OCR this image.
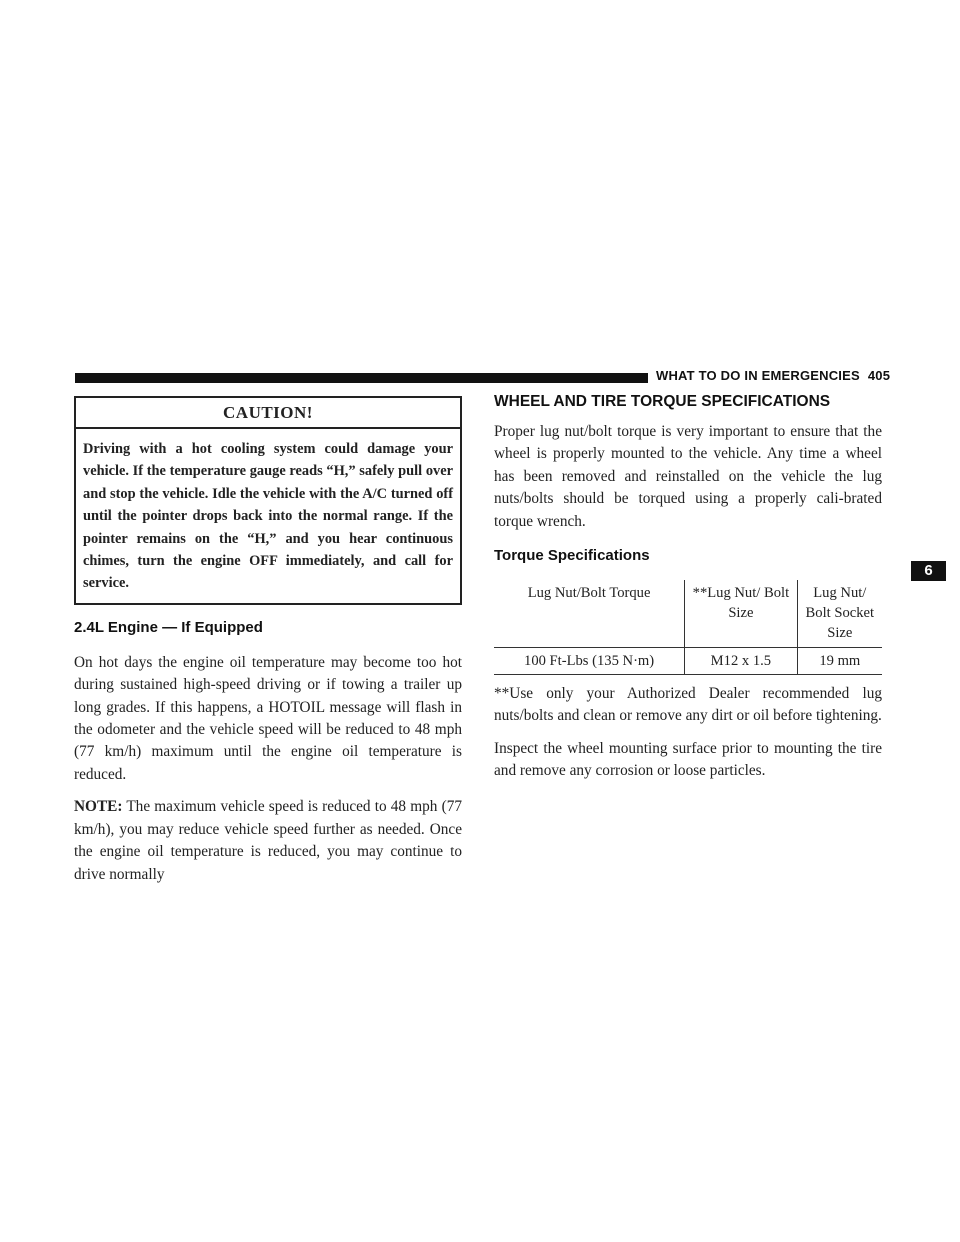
WHAT TO DO IN EMERGENCIES 405
CAUTION!
Driving with a hot cooling system could damage your vehicle. If the temperature gauge reads “H,” safely pull over and stop the vehicle. Idle the vehicle with the A/C turned off until the pointer drops back into the normal range. If the pointer remains on the “H,” and you hear continuous chimes, turn the engine OFF immediately, and call for service.
2.4L Engine — If Equipped

On hot days the engine oil temperature may become too hot during sustained high-speed driving or if towing a trailer up long grades. If this happens, a HOTOIL message will flash in the odometer and the vehicle speed will be reduced to 48 mph (77 km/h) maximum until the engine oil temperature is reduced.

NOTE: The maximum vehicle speed is reduced to 48 mph (77 km/h), you may reduce vehicle speed further as needed. Once the engine oil temperature is reduced, you may continue to drive normally

WHEEL AND TIRE TORQUE SPECIFICATIONS

Proper lug nut/bolt torque is very important to ensure that the wheel is properly mounted to the vehicle. Any time a wheel has been removed and reinstalled on the vehicle the lug nuts/bolts should be torqued using a properly cali-brated torque wrench.

Torque Specifications
Lug Nut/Bolt Torque	**Lug Nut/ Bolt Size	Lug Nut/ Bolt Socket Size
100 Ft-Lbs (135 N·m)	M12 x 1.5	19 mm

**Use only your Authorized Dealer recommended lug nuts/bolts and clean or remove any dirt or oil before tightening.

Inspect the wheel mounting surface prior to mounting the tire and remove any corrosion or loose particles.

6
